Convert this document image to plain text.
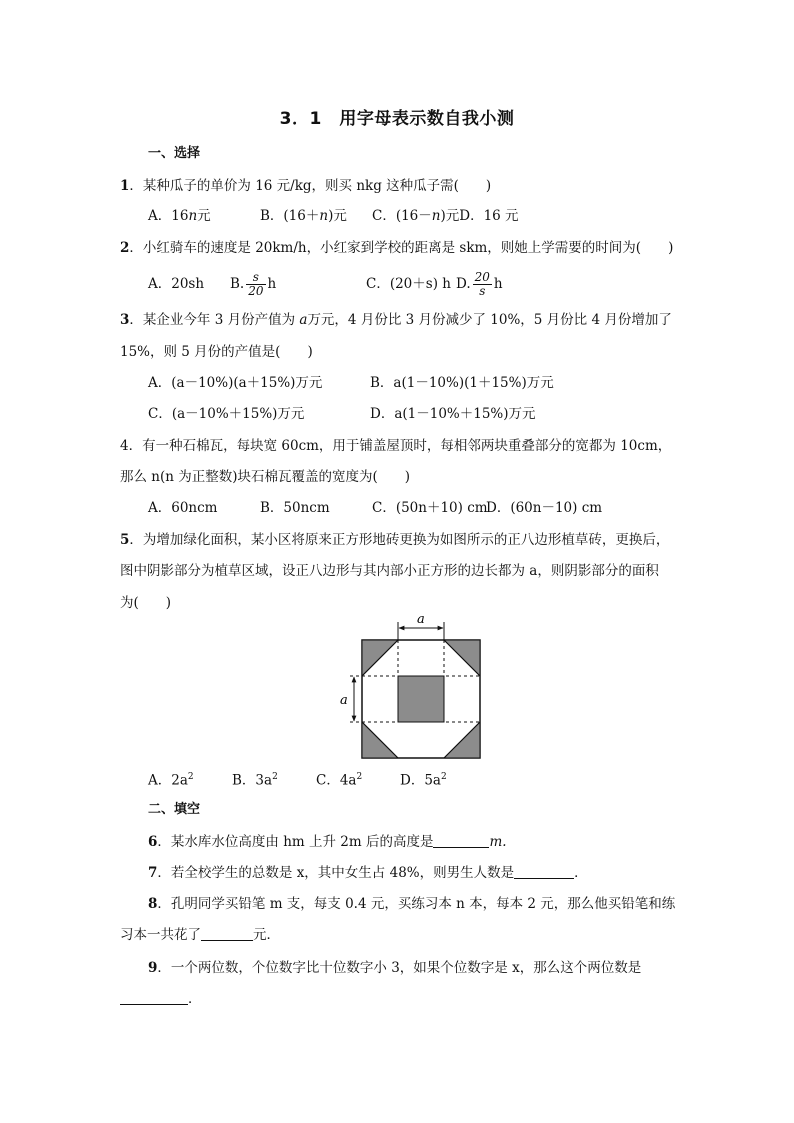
3．1　用字母表示数自我小测
一、选择
1．某种瓜子的单价为 16 元/kg，则买 nkg 这种瓜子需(　　)
A．16n元	B．(16＋n)元 C．(16－n)元D．16 元
2．小红骑车的速度是 20km/h，小红家到学校的距离是 skm，则她上学需要的时间为(　　)
A．20sh B. $\frac{s}{20}$ h	C．(20＋s) h D. $\frac{20}{s}$ h
3．某企业今年 3 月份产值为 a万元，4 月份比 3 月份减少了 10%，5 月份比 4 月份增加了
15%，则 5 月份的产值是(　　)
A．(a－10%)(a＋15%)万元	B．a(1－10%)(1＋15%)万元
C．(a－10%＋15%)万元	D．a(1－10%＋15%)万元
4．有一种石棉瓦，每块宽 60cm，用于铺盖屋顶时，每相邻两块重叠部分的宽都为 10cm，
那么 n(n 为正整数)块石棉瓦覆盖的宽度为(　　)
A．60ncm	B．50ncm	C．(50n＋10) cmD．(60n－10) cm
5．为增加绿化面积，某小区将原来正方形地砖更换为如图所示的正八边形植草砖，更换后，
图中阴影部分为植草区域，设正八边形与其内部小正方形的边长都为 a，则阴影部分的面积
为(　　)
a
a
A．$2a^2$	B．$3a^2$	C．$4a^2$	D．$5a^2$
二、填空
6．某水库水位高度由 hm 上升 2m 后的高度是	m.
7．若全校学生的总数是 x，其中女生占 48%，则男生人数是	．
8．孔明同学买铅笔 m 支，每支 0.4 元，买练习本 n 本，每本 2 元，那么他买铅笔和练
习本一共花了	元．
9．一个两位数，个位数字比十位数字小 3，如果个位数字是 x，那么这个两位数是
．
